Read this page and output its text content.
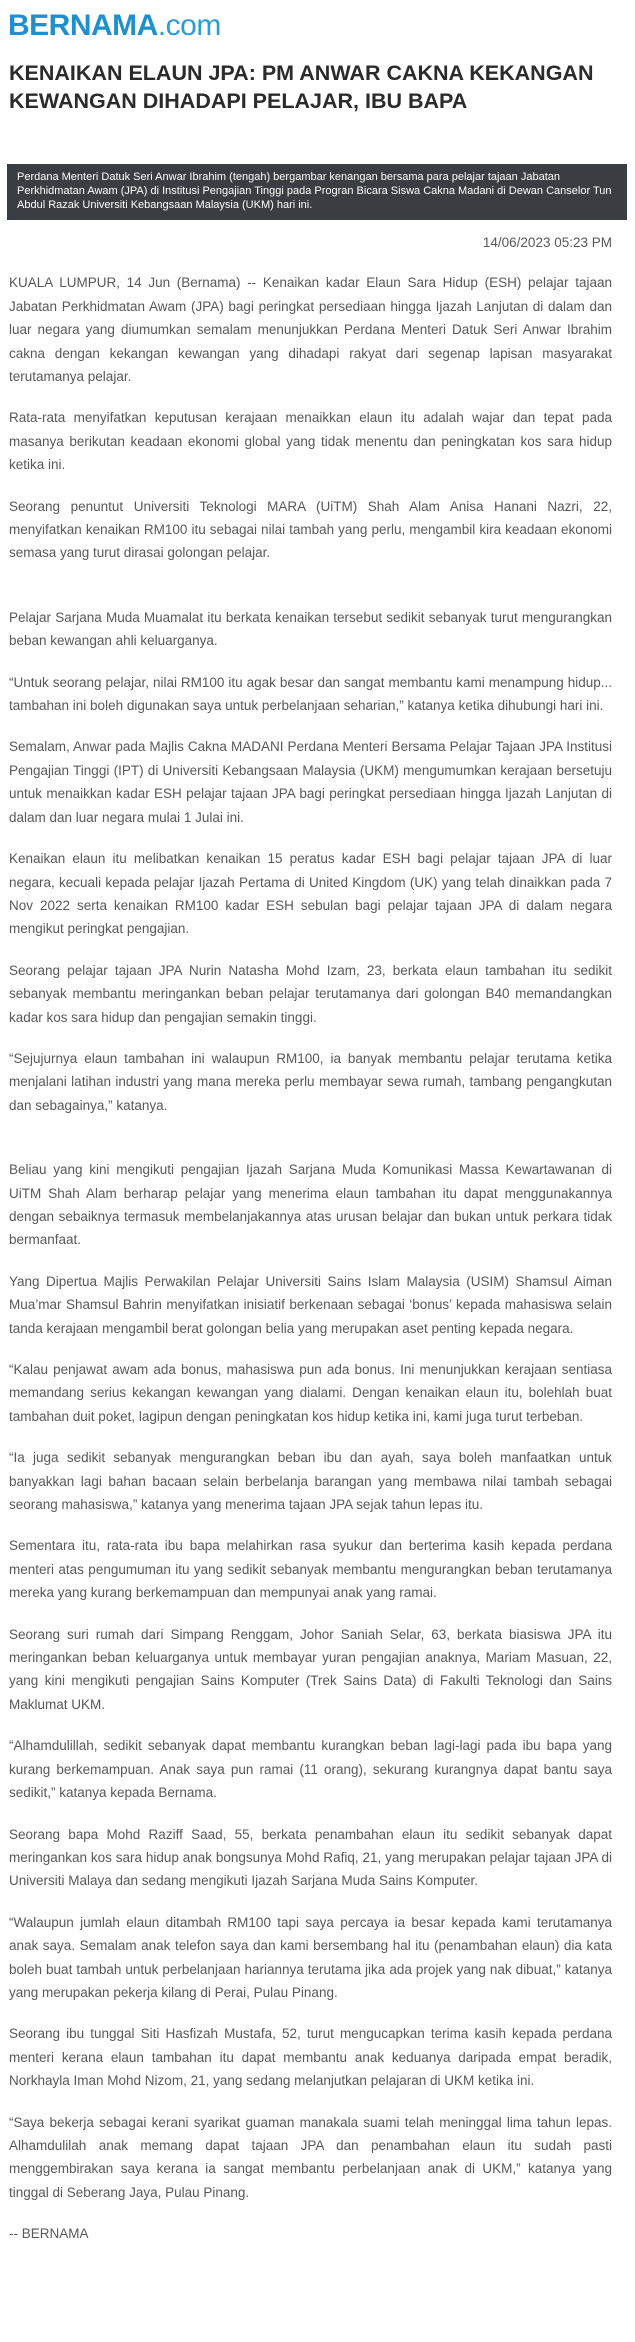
BERNAMA.com
KENAIKAN ELAUN JPA: PM ANWAR CAKNA KEKANGAN KEWANGAN DIHADAPI PELAJAR, IBU BAPA
Perdana Menteri Datuk Seri Anwar Ibrahim (tengah) bergambar kenangan bersama para pelajar tajaan Jabatan Perkhidmatan Awam (JPA) di Institusi Pengajian Tinggi pada Progran Bicara Siswa Cakna Madani di Dewan Canselor Tun Abdul Razak Universiti Kebangsaan Malaysia (UKM) hari ini.
14/06/2023 05:23 PM

KUALA LUMPUR, 14 Jun (Bernama) -- Kenaikan kadar Elaun Sara Hidup (ESH) pelajar tajaan Jabatan Perkhidmatan Awam (JPA) bagi peringkat persediaan hingga Ijazah Lanjutan di dalam dan luar negara yang diumumkan semalam menunjukkan Perdana Menteri Datuk Seri Anwar Ibrahim cakna dengan kekangan kewangan yang dihadapi rakyat dari segenap lapisan masyarakat terutamanya pelajar.

Rata-rata menyifatkan keputusan kerajaan menaikkan elaun itu adalah wajar dan tepat pada masanya berikutan keadaan ekonomi global yang tidak menentu dan peningkatan kos sara hidup ketika ini.

Seorang penuntut Universiti Teknologi MARA (UiTM) Shah Alam Anisa Hanani Nazri, 22, menyifatkan kenaikan RM100 itu sebagai nilai tambah yang perlu, mengambil kira keadaan ekonomi semasa yang turut dirasai golongan pelajar.

Pelajar Sarjana Muda Muamalat itu berkata kenaikan tersebut sedikit sebanyak turut mengurangkan beban kewangan ahli keluarganya.

“Untuk seorang pelajar, nilai RM100 itu agak besar dan sangat membantu kami menampung hidup... tambahan ini boleh digunakan saya untuk perbelanjaan seharian,” katanya ketika dihubungi hari ini.

Semalam, Anwar pada Majlis Cakna MADANI Perdana Menteri Bersama Pelajar Tajaan JPA Institusi Pengajian Tinggi (IPT) di Universiti Kebangsaan Malaysia (UKM) mengumumkan kerajaan bersetuju untuk menaikkan kadar ESH pelajar tajaan JPA bagi peringkat persediaan hingga Ijazah Lanjutan di dalam dan luar negara mulai 1 Julai ini.

Kenaikan elaun itu melibatkan kenaikan 15 peratus kadar ESH bagi pelajar tajaan JPA di luar negara, kecuali kepada pelajar Ijazah Pertama di United Kingdom (UK) yang telah dinaikkan pada 7 Nov 2022 serta kenaikan RM100 kadar ESH sebulan bagi pelajar tajaan JPA di dalam negara mengikut peringkat pengajian.

Seorang pelajar tajaan JPA Nurin Natasha Mohd Izam, 23, berkata elaun tambahan itu sedikit sebanyak membantu meringankan beban pelajar terutamanya dari golongan B40 memandangkan kadar kos sara hidup dan pengajian semakin tinggi.

“Sejujurnya elaun tambahan ini walaupun RM100, ia banyak membantu pelajar terutama ketika menjalani latihan industri yang mana mereka perlu membayar sewa rumah, tambang pengangkutan dan sebagainya,” katanya.

Beliau yang kini mengikuti pengajian Ijazah Sarjana Muda Komunikasi Massa Kewartawanan di UiTM Shah Alam berharap pelajar yang menerima elaun tambahan itu dapat menggunakannya dengan sebaiknya termasuk membelanjakannya atas urusan belajar dan bukan untuk perkara tidak bermanfaat.

Yang Dipertua Majlis Perwakilan Pelajar Universiti Sains Islam Malaysia (USIM) Shamsul Aiman Mua’mar Shamsul Bahrin menyifatkan inisiatif berkenaan sebagai ‘bonus’ kepada mahasiswa selain tanda kerajaan mengambil berat golongan belia yang merupakan aset penting kepada negara.

“Kalau penjawat awam ada bonus, mahasiswa pun ada bonus. Ini menunjukkan kerajaan sentiasa memandang serius kekangan kewangan yang dialami. Dengan kenaikan elaun itu, bolehlah buat tambahan duit poket, lagipun dengan peningkatan kos hidup ketika ini, kami juga turut terbeban.

“Ia juga sedikit sebanyak mengurangkan beban ibu dan ayah, saya boleh manfaatkan untuk banyakkan lagi bahan bacaan selain berbelanja barangan yang membawa nilai tambah sebagai seorang mahasiswa,” katanya yang menerima tajaan JPA sejak tahun lepas itu.

Sementara itu, rata-rata ibu bapa melahirkan rasa syukur dan berterima kasih kepada perdana menteri atas pengumuman itu yang sedikit sebanyak membantu mengurangkan beban terutamanya mereka yang kurang berkemampuan dan mempunyai anak yang ramai.

Seorang suri rumah dari Simpang Renggam, Johor Saniah Selar, 63, berkata biasiswa JPA itu meringankan beban keluarganya untuk membayar yuran pengajian anaknya, Mariam Masuan, 22, yang kini mengikuti pengajian Sains Komputer (Trek Sains Data) di Fakulti Teknologi dan Sains Maklumat UKM.

“Alhamdulillah, sedikit sebanyak dapat membantu kurangkan beban lagi-lagi pada ibu bapa yang kurang berkemampuan. Anak saya pun ramai (11 orang), sekurang kurangnya dapat bantu saya sedikit,” katanya kepada Bernama.

Seorang bapa Mohd Raziff Saad, 55, berkata penambahan elaun itu sedikit sebanyak dapat meringankan kos sara hidup anak bongsunya Mohd Rafiq, 21, yang merupakan pelajar tajaan JPA di Universiti Malaya dan sedang mengikuti Ijazah Sarjana Muda Sains Komputer.

“Walaupun jumlah elaun ditambah RM100 tapi saya percaya ia besar kepada kami terutamanya anak saya. Semalam anak telefon saya dan kami bersembang hal itu (penambahan elaun) dia kata boleh buat tambah untuk perbelanjaan hariannya terutama jika ada projek yang nak dibuat,” katanya yang merupakan pekerja kilang di Perai, Pulau Pinang.

Seorang ibu tunggal Siti Hasfizah Mustafa, 52, turut mengucapkan terima kasih kepada perdana menteri kerana elaun tambahan itu dapat membantu anak keduanya daripada empat beradik, Norkhayla Iman Mohd Nizom, 21, yang sedang melanjutkan pelajaran di UKM ketika ini.

“Saya bekerja sebagai kerani syarikat guaman manakala suami telah meninggal lima tahun lepas. Alhamdulilah anak memang dapat tajaan JPA dan penambahan elaun itu sudah pasti menggembirakan saya kerana ia sangat membantu perbelanjaan anak di UKM,” katanya yang tinggal di Seberang Jaya, Pulau Pinang.

-- BERNAMA
